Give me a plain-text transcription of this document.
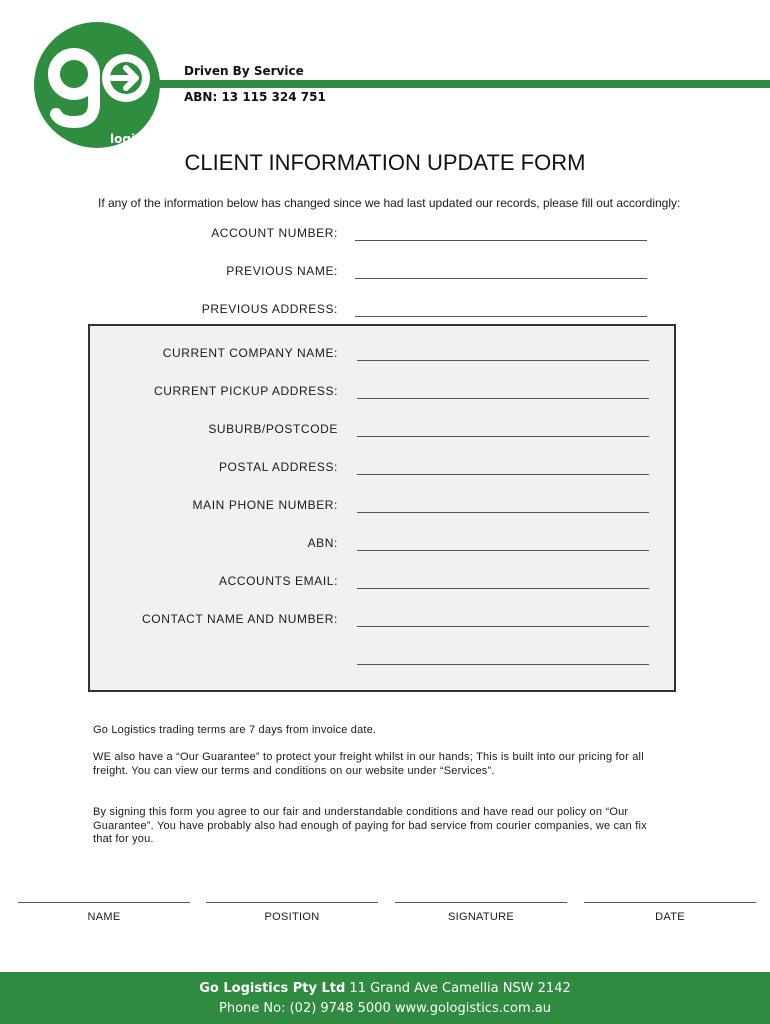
logistics
Driven By Service
ABN: 13 115 324 751
CLIENT INFORMATION UPDATE FORM
If any of the information below has changed since we had last updated our records, please fill out accordingly:
ACCOUNT NUMBER:
PREVIOUS NAME:
PREVIOUS ADDRESS:
CURRENT COMPANY NAME:
CURRENT PICKUP ADDRESS:
SUBURB/POSTCODE
POSTAL ADDRESS:
MAIN PHONE NUMBER:
ABN:
ACCOUNTS EMAIL:
CONTACT NAME AND NUMBER:
Go Logistics trading terms are 7 days from invoice date.
WE also have a “Our Guarantee” to protect your freight whilst in our hands; This is built into our pricing for all freight. You can view our terms and conditions on our website under “Services”.
By signing this form you agree to our fair and understandable conditions and have read our policy on “Our Guarantee”. You have probably also had enough of paying for bad service from courier companies, we can fix that for you.
NAME	POSITION	SIGNATURE	DATE
Go Logistics Pty Ltd 11 Grand Ave Camellia NSW 2142
Phone No: (02) 9748 5000 www.gologistics.com.au
